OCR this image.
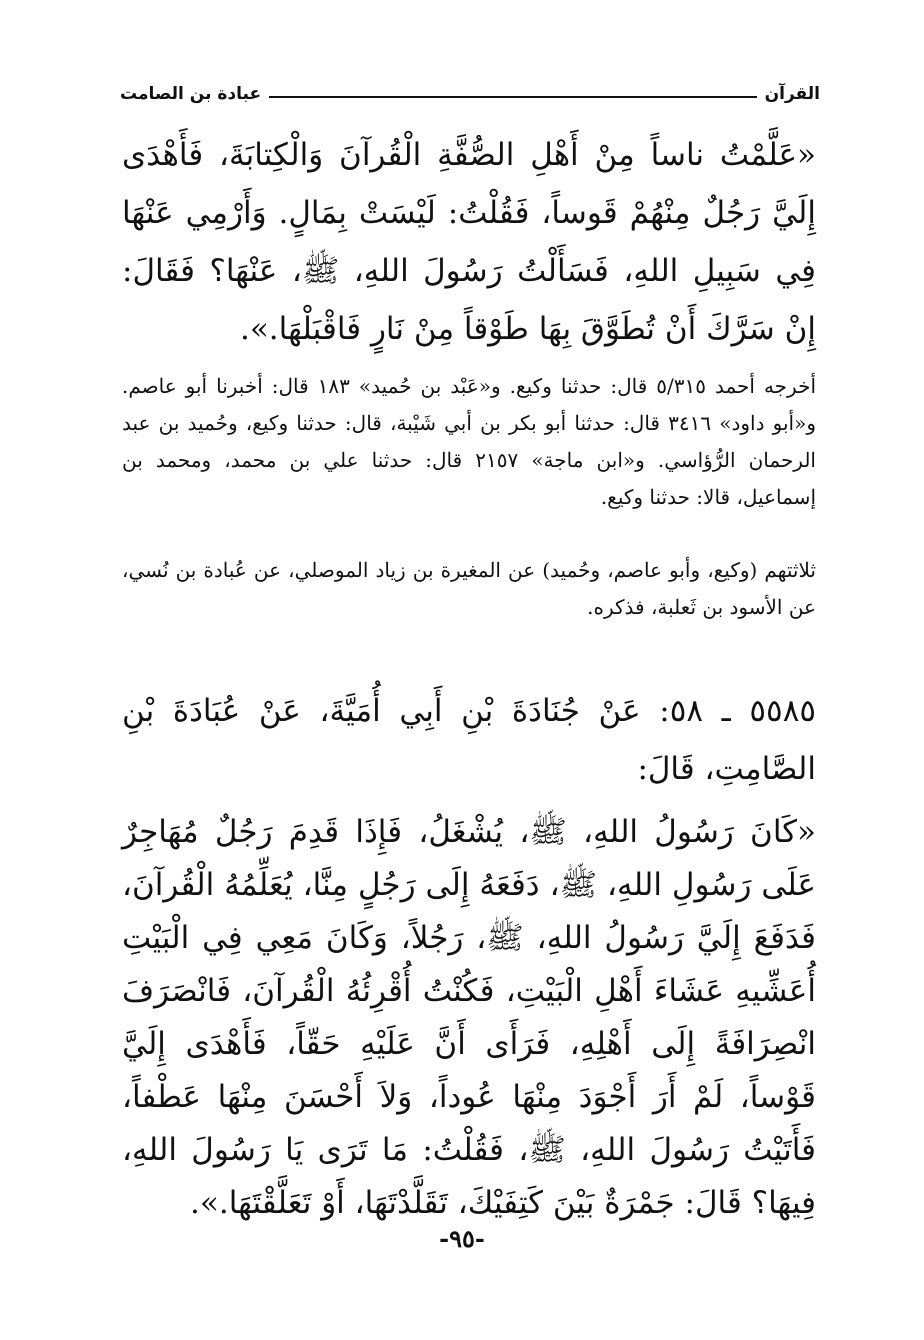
القرآن
عبادة بن الصامت
«عَلَّمْتُ ناساً مِنْ أَهْلِ الصُّفَّةِ الْقُرآنَ وَالْكِتابَةَ، فَأَهْدَى إِلَيَّ رَجُلٌ مِنْهُمْ قَوساً، فَقُلْتُ: لَيْسَتْ بِمَالٍ. وَأَرْمِي عَنْهَا فِي سَبِيلِ اللهِ، فَسَأَلْتُ رَسُولَ اللهِ، ﷺ، عَنْهَا؟ فَقَالَ: إِنْ سَرَّكَ أَنْ تُطَوَّقَ بِهَا طَوْقاً مِنْ نَارٍ فَاقْبَلْهَا.».
أخرجه أحمد ٥/٣١٥ قال: حدثنا وكيع. و«عَبْد بن حُميد» ١٨٣ قال: أخبرنا أبو عاصم. و«أبو داود» ٣٤١٦ قال: حدثنا أبو بكر بن أبي شَيْبة، قال: حدثنا وكيع، وحُميد بن عبد الرحمان الرُّؤاسي. و«ابن ماجة» ٢١٥٧ قال: حدثنا علي بن محمد، ومحمد بن إسماعيل، قالا: حدثنا وكيع.
ثلاثتهم (وكيع، وأبو عاصم، وحُميد) عن المغيرة بن زياد الموصلي، عن عُبادة بن نُسي، عن الأسود بن ثَعلبة، فذكره.
٥٥٨٥ ـ ٥٨: عَنْ جُنَادَةَ بْنِ أَبِي أُمَيَّةَ، عَنْ عُبَادَةَ بْنِ الصَّامِتِ، قَالَ:
«كَانَ رَسُولُ اللهِ، ﷺ، يُشْغَلُ، فَإِذَا قَدِمَ رَجُلٌ مُهَاجِرٌ عَلَى رَسُولِ اللهِ، ﷺ، دَفَعَهُ إِلَى رَجُلٍ مِنَّا، يُعَلِّمُهُ الْقُرآنَ، فَدَفَعَ إِلَيَّ رَسُولُ اللهِ، ﷺ، رَجُلاً، وَكَانَ مَعِي فِي الْبَيْتِ أُعَشِّيهِ عَشَاءَ أَهْلِ الْبَيْتِ، فَكُنْتُ أُقْرِئُهُ الْقُرآنَ، فَانْصَرَفَ انْصِرَافَةً إِلَى أَهْلِهِ، فَرَأَى أَنَّ عَلَيْهِ حَقّاً، فَأَهْدَى إِلَيَّ قَوْساً، لَمْ أَرَ أَجْوَدَ مِنْهَا عُوداً، وَلاَ أَحْسَنَ مِنْهَا عَطْفاً، فَأَتَيْتُ رَسُولَ اللهِ، ﷺ، فَقُلْتُ: مَا تَرَى يَا رَسُولَ اللهِ، فِيهَا؟ قَالَ: جَمْرَةٌ بَيْنَ كَتِفَيْكَ، تَقَلَّدْتَهَا، أَوْ تَعَلَّقْتَهَا.».
-٩٥-
